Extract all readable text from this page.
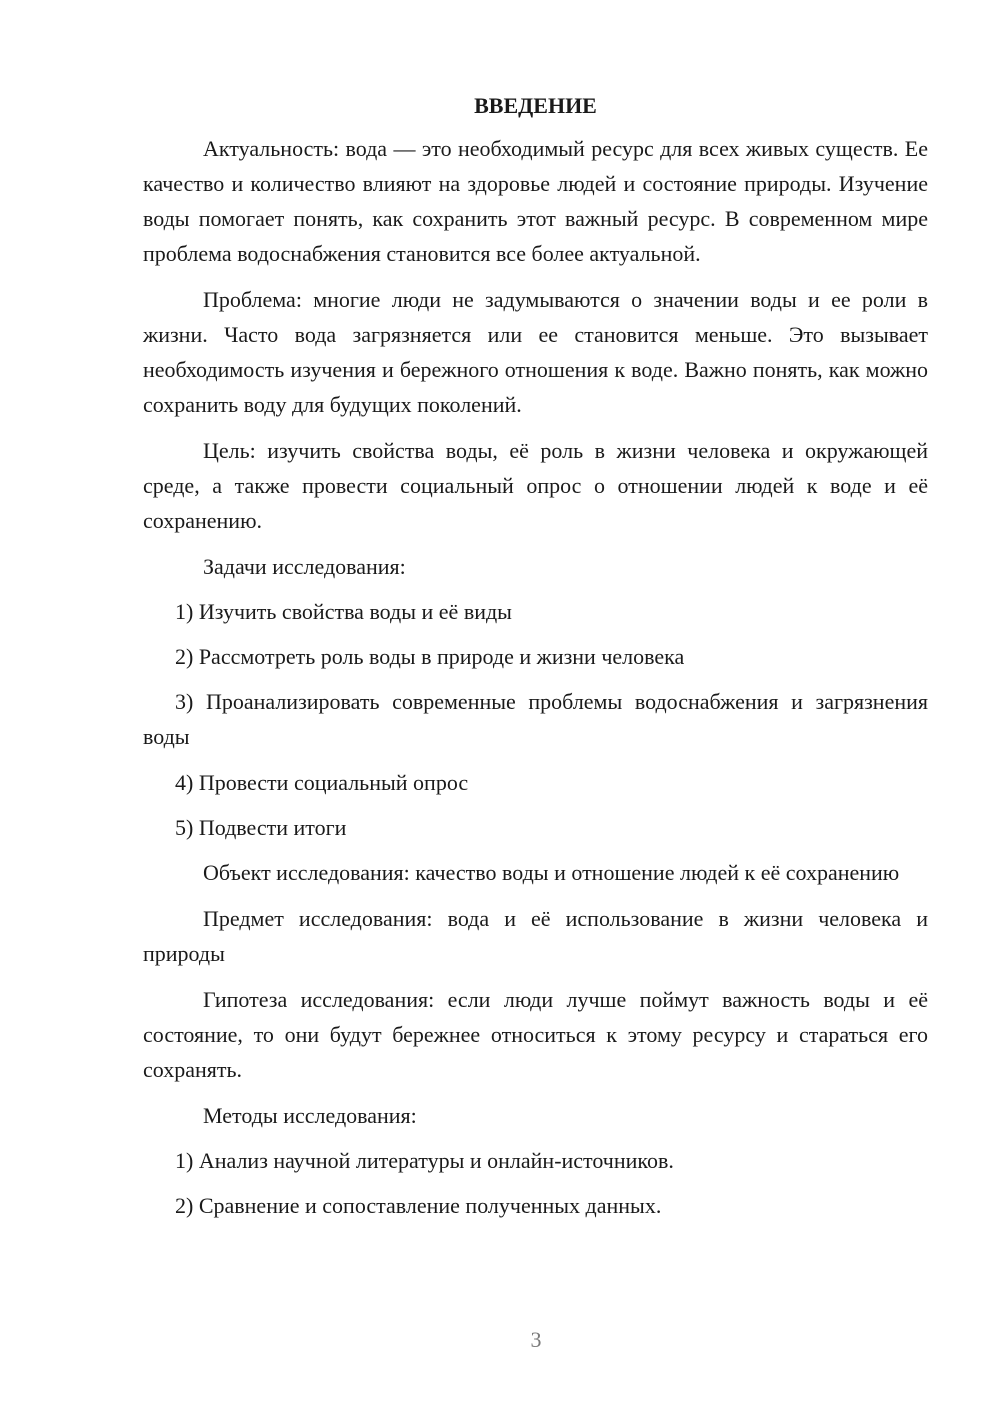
ВВЕДЕНИЕ

Актуальность: вода — это необходимый ресурс для всех живых существ. Ее качество и количество влияют на здоровье людей и состояние природы. Изучение воды помогает понять, как сохранить этот важный ресурс. В современном мире проблема водоснабжения становится все более актуальной.

Проблема: многие люди не задумываются о значении воды и ее роли в жизни. Часто вода загрязняется или ее становится меньше. Это вызывает необходимость изучения и бережного отношения к воде. Важно понять, как можно сохранить воду для будущих поколений.

Цель: изучить свойства воды, её роль в жизни человека и окружающей среде, а также провести социальный опрос о отношении людей к воде и её сохранению.

Задачи исследования:

1) Изучить свойства воды и её виды

2) Рассмотреть роль воды в природе и жизни человека

3) Проанализировать современные проблемы водоснабжения и загрязнения воды

4) Провести социальный опрос

5) Подвести итоги

Объект исследования: качество воды и отношение людей к её сохранению

Предмет исследования: вода и её использование в жизни человека и природы

Гипотеза исследования: если люди лучше поймут важность воды и её состояние, то они будут бережнее относиться к этому ресурсу и стараться его сохранять.

Методы исследования:

1) Анализ научной литературы и онлайн-источников.

2) Сравнение и сопоставление полученных данных.

3
